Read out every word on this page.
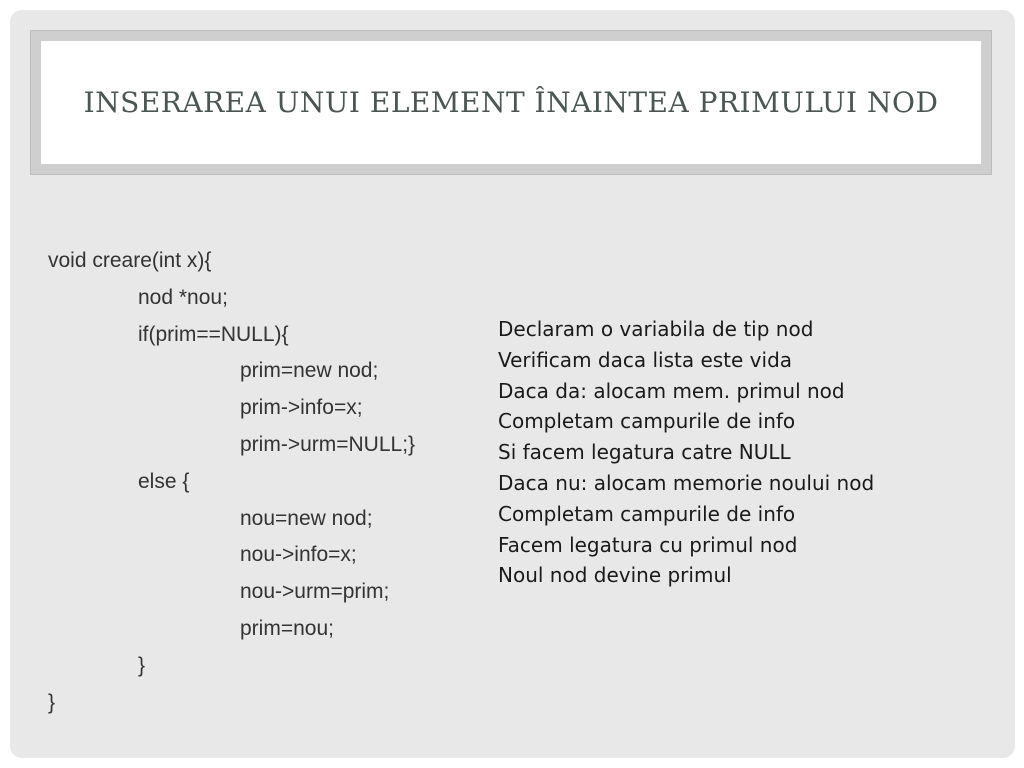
INSERAREA UNUI ELEMENT ÎNAINTEA PRIMULUI NOD
void creare(int x){
nod *nou;
if(prim==NULL){
prim=new nod;
prim->info=x;
prim->urm=NULL;}
else {
nou=new nod;
nou->info=x;
nou->urm=prim;
prim=nou;
}
}
Declaram o variabila de tip nod
Verificam daca lista este vida
Daca da: alocam mem. primul nod
Completam campurile de info
Si facem legatura catre NULL
Daca nu: alocam memorie noului nod
Completam campurile de info
Facem legatura cu primul nod
Noul nod devine primul
